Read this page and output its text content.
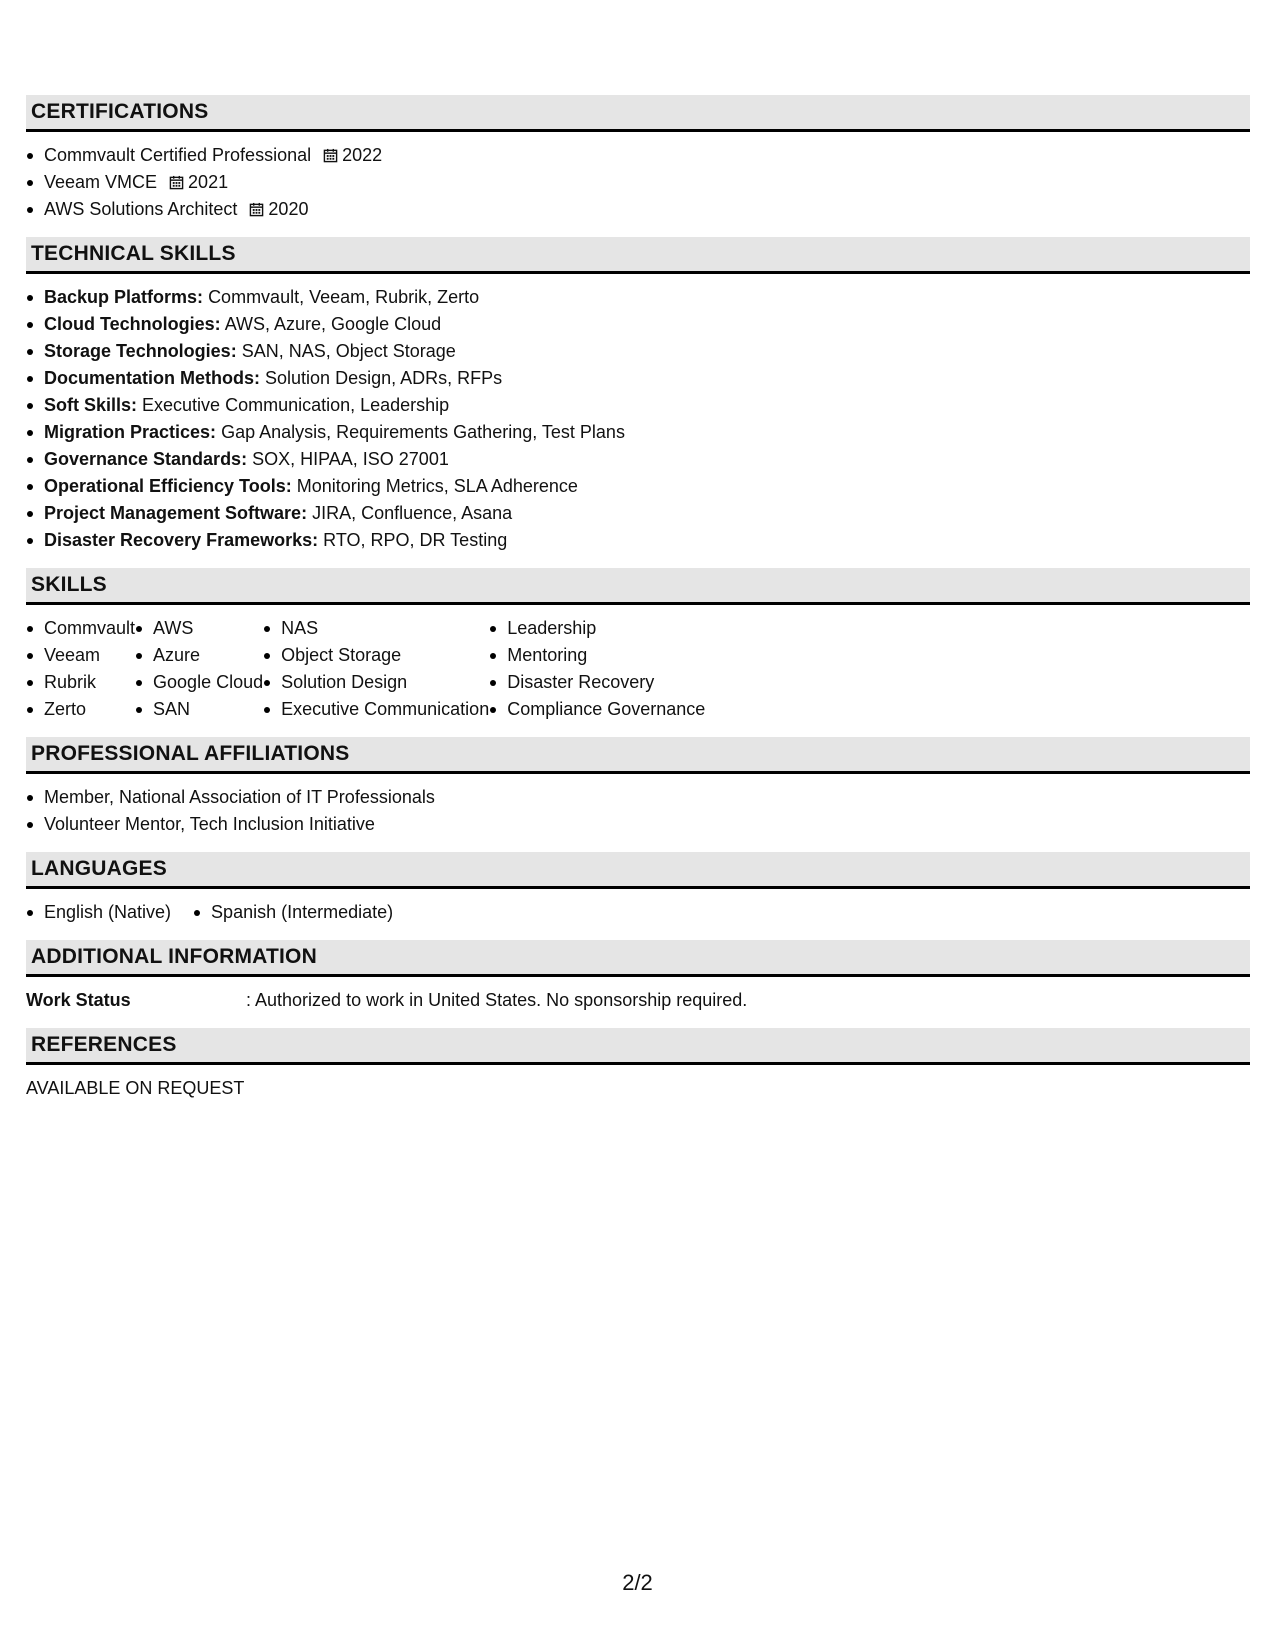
CERTIFICATIONS
Commvault Certified Professional 2022
Veeam VMCE 2021
AWS Solutions Architect 2020
TECHNICAL SKILLS
Backup Platforms: Commvault, Veeam, Rubrik, Zerto
Cloud Technologies: AWS, Azure, Google Cloud
Storage Technologies: SAN, NAS, Object Storage
Documentation Methods: Solution Design, ADRs, RFPs
Soft Skills: Executive Communication, Leadership
Migration Practices: Gap Analysis, Requirements Gathering, Test Plans
Governance Standards: SOX, HIPAA, ISO 27001
Operational Efficiency Tools: Monitoring Metrics, SLA Adherence
Project Management Software: JIRA, Confluence, Asana
Disaster Recovery Frameworks: RTO, RPO, DR Testing
SKILLS
Commvault
Veeam
Rubrik
Zerto
AWS
Azure
Google Cloud
SAN
NAS
Object Storage
Solution Design
Executive Communication
Leadership
Mentoring
Disaster Recovery
Compliance Governance
PROFESSIONAL AFFILIATIONS
Member, National Association of IT Professionals
Volunteer Mentor, Tech Inclusion Initiative
LANGUAGES
English (Native)	Spanish (Intermediate)
ADDITIONAL INFORMATION
Work Status	: Authorized to work in United States. No sponsorship required.
REFERENCES
AVAILABLE ON REQUEST
2/2
